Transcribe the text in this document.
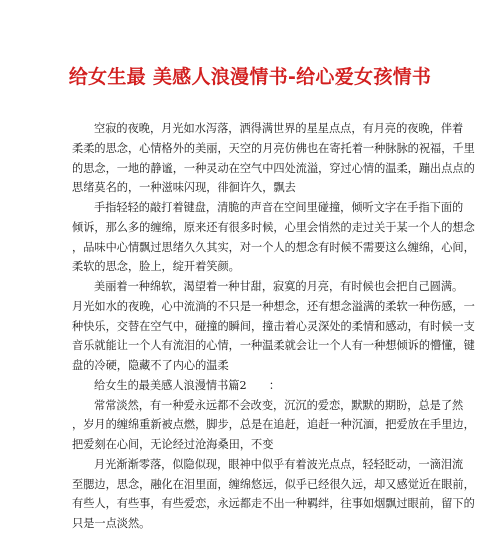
给女生最 美感人浪漫情书-给心爱女孩情书
空寂的夜晚，月光如水泻落，洒得满世界的星星点点，有月亮的夜晚，伴着
柔柔的思念，心情格外的美丽，天空的月亮仿佛也在寄托着一种脉脉的祝福，千里
的思念，一地的静谧，一种灵动在空气中四处流溢，穿过心情的温柔，蹦出点点的
思绪莫名的，一种滋味闪现，徘徊许久，飘去
手指轻轻的敲打着键盘，清脆的声音在空间里碰撞，倾听文字在手指下面的
倾诉，那么多的缠绵，原来还有很多时候，心里会悄然的走过关于某一个人的想念
，品味中心情飘过思绪久久其实，对一个人的想念有时候不需要这么缠绵，心间，
柔软的思念，脸上，绽开着笑颜。
美丽着一种绵软，渴望着一种甘甜，寂寞的月亮，有时候也会把自己圆满。
月光如水的夜晚，心中流淌的不只是一种想念，还有想念溢满的柔软一种伤感，一
种快乐，交替在空气中，碰撞的瞬间，撞击着心灵深处的柔情和感动，有时候一支
音乐就能让一个人有流泪的心情，一种温柔就会让一个人有一种想倾诉的懵懂，键
盘的冷硬，隐藏不了内心的温柔
给女生的最美感人浪漫情书篇2　　：
常常淡然，有一种爱永远都不会改变，沉沉的爱恋，默默的期盼，总是了然
，岁月的缠绵重新被点燃，脚步，总是在追赶，追赶一种沉湎，把爱放在手里边，
把爱刻在心间，无论经过沧海桑田，不变
月光渐渐零落，似隐似现，眼神中似乎有着波光点点，轻轻眨动，一滴泪流
至腮边，思念，融化在泪里面，缠绵悠远，似乎已经很久远，却又感觉近在眼前，
有些人，有些事，有些爱恋，永远都走不出一种羁绊，往事如烟飘过眼前，留下的
只是一点淡然。
